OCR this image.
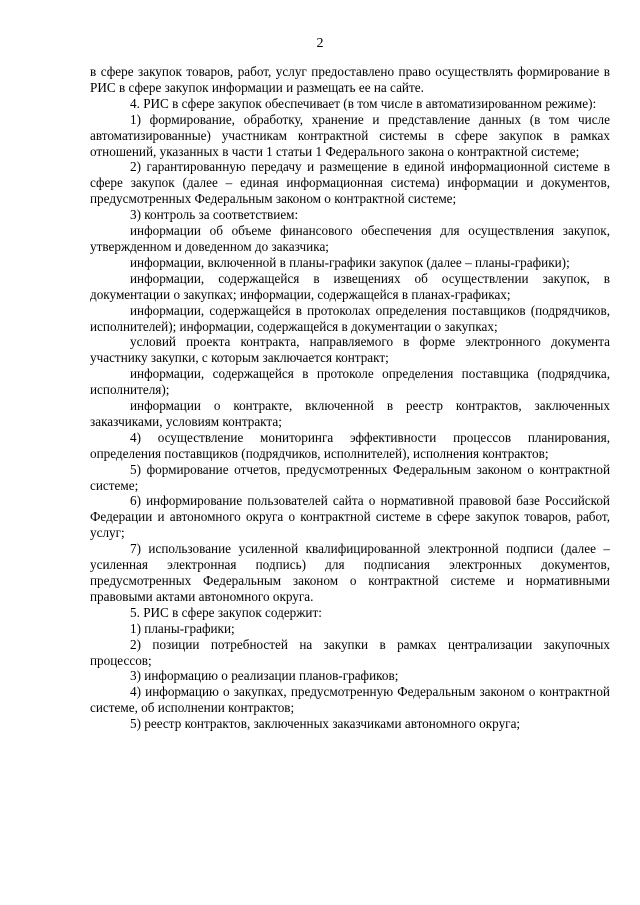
2

в сфере закупок товаров, работ, услуг предоставлено право осуществлять формирование в РИС в сфере закупок информации и размещать ее на сайте.

4. РИС в сфере закупок обеспечивает (в том числе в автоматизированном режиме):

1) формирование, обработку, хранение и представление данных (в том числе автоматизированные) участникам контрактной системы в сфере закупок в рамках отношений, указанных в части 1 статьи 1 Федерального закона о контрактной системе;

2) гарантированную передачу и размещение в единой информационной системе в сфере закупок (далее – единая информационная система) информации и документов, предусмотренных Федеральным законом о контрактной системе;

3) контроль за соответствием:

информации об объеме финансового обеспечения для осуществления закупок, утвержденном и доведенном до заказчика;

информации, включенной в планы-графики закупок (далее – планы-графики);

информации, содержащейся в извещениях об осуществлении закупок, в документации о закупках; информации, содержащейся в планах-графиках;

информации, содержащейся в протоколах определения поставщиков (подрядчиков, исполнителей); информации, содержащейся в документации о закупках;

условий проекта контракта, направляемого в форме электронного документа участнику закупки, с которым заключается контракт;

информации, содержащейся в протоколе определения поставщика (подрядчика, исполнителя);

информации о контракте, включенной в реестр контрактов, заключенных заказчиками, условиям контракта;

4) осуществление мониторинга эффективности процессов планирования, определения поставщиков (подрядчиков, исполнителей), исполнения контрактов;

5) формирование отчетов, предусмотренных Федеральным законом о контрактной системе;

6) информирование пользователей сайта о нормативной правовой базе Российской Федерации и автономного округа о контрактной системе в сфере закупок товаров, работ, услуг;

7) использование усиленной квалифицированной электронной подписи (далее – усиленная электронная подпись) для подписания электронных документов, предусмотренных Федеральным законом о контрактной системе и нормативными правовыми актами автономного округа.

5. РИС в сфере закупок содержит:

1) планы-графики;

2) позиции потребностей на закупки в рамках централизации закупочных процессов;

3) информацию о реализации планов-графиков;

4) информацию о закупках, предусмотренную Федеральным законом о контрактной системе, об исполнении контрактов;

5) реестр контрактов, заключенных заказчиками автономного округа;
